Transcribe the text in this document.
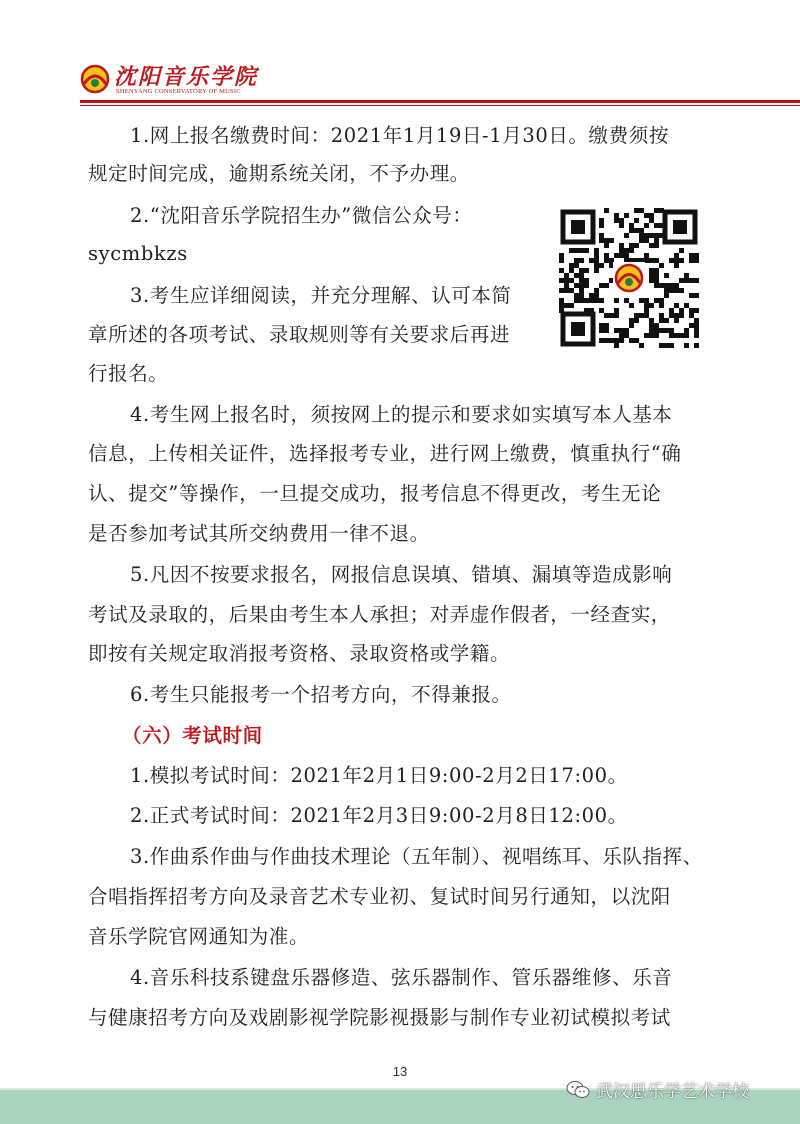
沈阳音乐学院
SHENYANG CONSERVATORY OF MUSIC
1.网上报名缴费时间：2021年1月19日-1月30日。缴费须按
规定时间完成，逾期系统关闭，不予办理。
2.“沈阳音乐学院招生办”微信公众号：
sycmbkzs
3.考生应详细阅读，并充分理解、认可本简
章所述的各项考试、录取规则等有关要求后再进
行报名。
4.考生网上报名时，须按网上的提示和要求如实填写本人基本
信息，上传相关证件，选择报考专业，进行网上缴费，慎重执行“确
认、提交”等操作，一旦提交成功，报考信息不得更改，考生无论
是否参加考试其所交纳费用一律不退。
5.凡因不按要求报名，网报信息误填、错填、漏填等造成影响
考试及录取的，后果由考生本人承担；对弄虚作假者，一经查实，
即按有关规定取消报考资格、录取资格或学籍。
6.考生只能报考一个招考方向，不得兼报。
（六）考试时间
1.模拟考试时间：2021年2月1日9:00-2月2日17:00。
2.正式考试时间：2021年2月3日9:00-2月8日12:00。
3.作曲系作曲与作曲技术理论（五年制）、视唱练耳、乐队指挥、
合唱指挥招考方向及录音艺术专业初、复试时间另行通知，以沈阳
音乐学院官网通知为准。
4.音乐科技系键盘乐器修造、弦乐器制作、管乐器维修、乐音
与健康招考方向及戏剧影视学院影视摄影与制作专业初试模拟考试
13
武汉思乐学艺术学校
